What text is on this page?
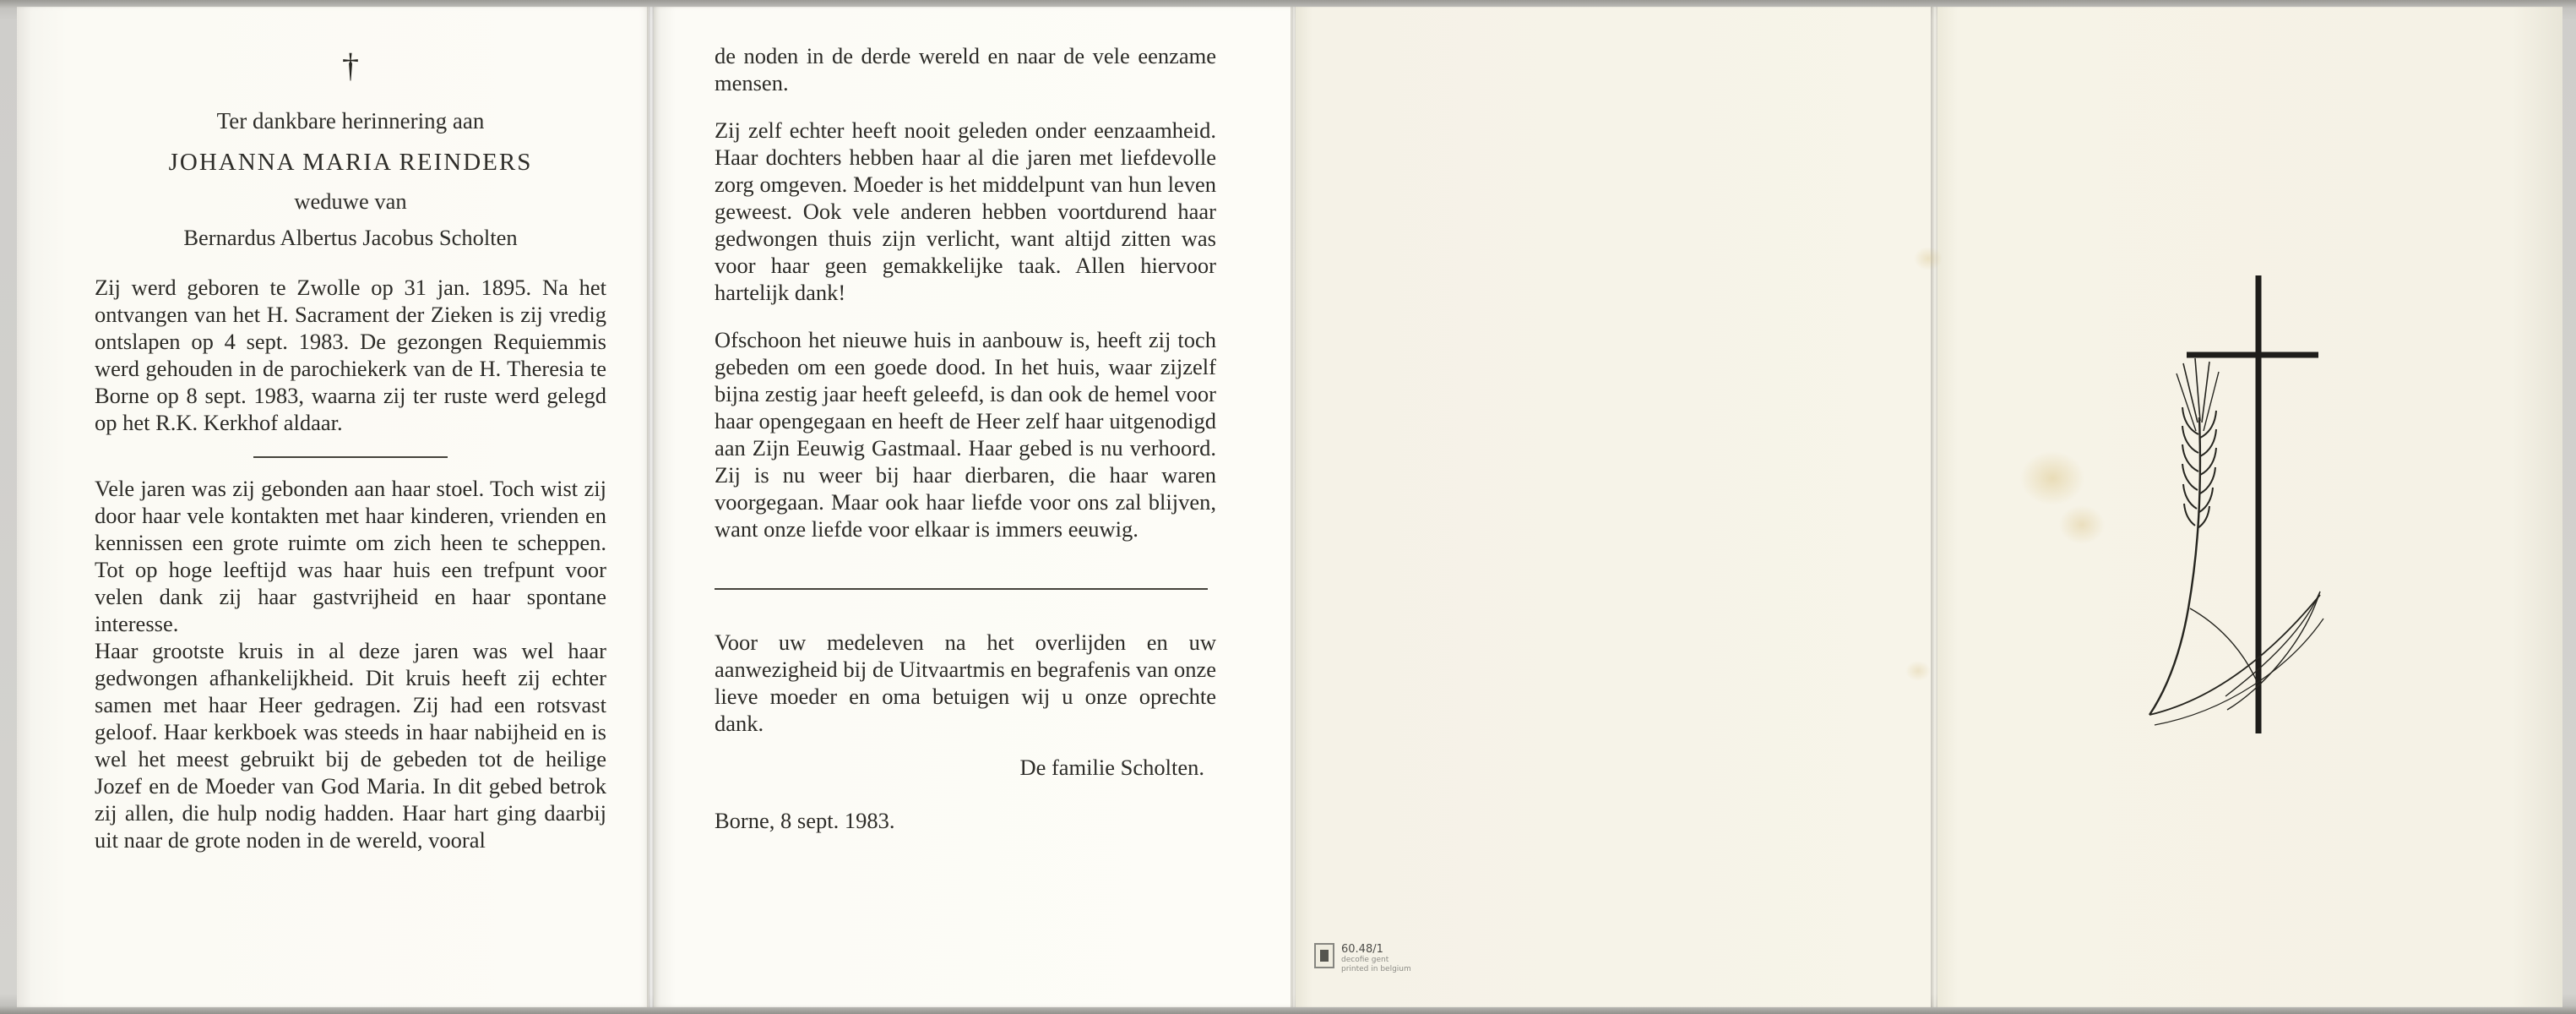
†
Ter dankbare herinnering aan
JOHANNA MARIA REINDERS
weduwe van
Bernardus Albertus Jacobus Scholten

Zij werd geboren te Zwolle op 31 jan. 1895. Na het ontvangen van het H. Sacrament der Zieken is zij vredig ontslapen op 4 sept. 1983. De gezongen Requiemmis werd gehouden in de parochiekerk van de H. Theresia te Borne op 8 sept. 1983, waarna zij ter ruste werd gelegd op het R.K. Kerkhof aldaar.

Vele jaren was zij gebonden aan haar stoel. Toch wist zij door haar vele kontakten met haar kinderen, vrienden en kennissen een grote ruimte om zich heen te scheppen. Tot op hoge leeftijd was haar huis een trefpunt voor velen dank zij haar gastvrijheid en haar spontane interesse.

Haar grootste kruis in al deze jaren was wel haar gedwongen afhankelijkheid. Dit kruis heeft zij echter samen met haar Heer gedragen. Zij had een rotsvast geloof. Haar kerkboek was steeds in haar nabijheid en is wel het meest gebruikt bij de gebeden tot de heilige Jozef en de Moeder van God Maria. In dit gebed betrok zij allen, die hulp nodig hadden. Haar hart ging daarbij uit naar de grote noden in de wereld, vooral

de noden in de derde wereld en naar de vele eenzame mensen.

Zij zelf echter heeft nooit geleden onder eenzaamheid. Haar dochters hebben haar al die jaren met liefdevolle zorg omgeven. Moeder is het middelpunt van hun leven geweest. Ook vele anderen hebben voortdurend haar gedwongen thuis zijn verlicht, want altijd zitten was voor haar geen gemakkelijke taak. Allen hiervoor hartelijk dank!

Ofschoon het nieuwe huis in aanbouw is, heeft zij toch gebeden om een goede dood. In het huis, waar zijzelf bijna zestig jaar heeft geleefd, is dan ook de hemel voor haar opengegaan en heeft de Heer zelf haar uitgenodigd aan Zijn Eeuwig Gastmaal. Haar gebed is nu verhoord. Zij is nu weer bij haar dierbaren, die haar waren voorgegaan. Maar ook haar liefde voor ons zal blijven, want onze liefde voor elkaar is immers eeuwig.

Voor uw medeleven na het overlijden en uw aanwezigheid bij de Uitvaartmis en begrafenis van onze lieve moeder en oma betuigen wij u onze oprechte dank.

De familie Scholten.
Borne, 8 sept. 1983.
60.48/1
decofie gent
printed in belgium
